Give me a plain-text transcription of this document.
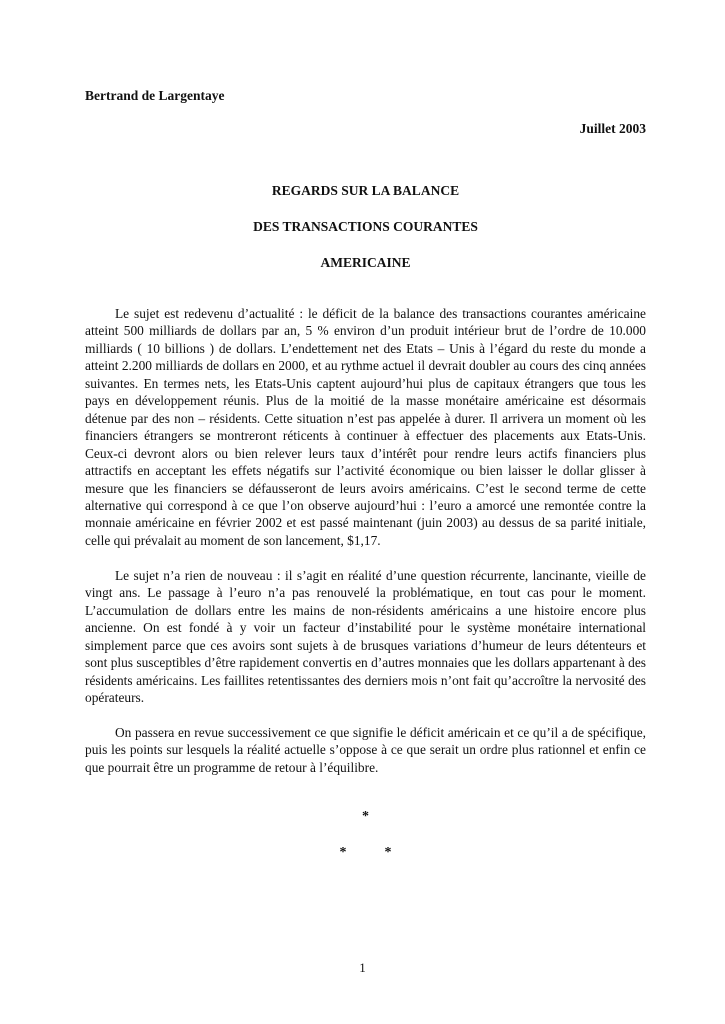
Bertrand de Largentaye
Juillet 2003
REGARDS SUR LA BALANCE
DES TRANSACTIONS COURANTES
AMERICAINE

Le sujet est redevenu d’actualité : le déficit de la balance des transactions courantes américaine atteint 500 milliards de dollars par an, 5 % environ d’un produit intérieur brut de l’ordre de 10.000 milliards ( 10 billions ) de dollars. L’endettement net des Etats – Unis à l’égard du reste du monde a atteint 2.200 milliards de dollars en 2000, et au rythme actuel il devrait doubler au cours des cinq années suivantes. En termes nets, les Etats-Unis captent aujourd’hui plus de capitaux étrangers que tous les pays en développement réunis. Plus de la moitié de la masse monétaire américaine est désormais détenue par des non – résidents. Cette situation n’est pas appelée à durer. Il arrivera un moment où les financiers étrangers se montreront réticents à continuer à effectuer des placements aux Etats-Unis. Ceux-ci devront alors ou bien relever leurs taux d’intérêt pour rendre leurs actifs financiers plus attractifs en acceptant les effets négatifs sur l’activité économique ou bien laisser le dollar glisser à mesure que les financiers se défausseront de leurs avoirs américains. C’est le second terme de cette alternative qui correspond à ce que l’on observe aujourd’hui : l’euro a amorcé une remontée contre la monnaie américaine en février 2002 et est passé maintenant (juin 2003) au dessus de sa parité initiale, celle qui prévalait au moment de son lancement, $1,17.

Le sujet n’a rien de nouveau : il s’agit en réalité d’une question récurrente, lancinante, vieille de vingt ans. Le passage à l’euro n’a pas renouvelé la problématique, en tout cas pour le moment. L’accumulation de dollars entre les mains de non-résidents américains a une histoire encore plus ancienne. On est fondé à y voir un facteur d’instabilité pour le système monétaire international simplement parce que ces avoirs sont sujets à de brusques variations d’humeur de leurs détenteurs et sont plus susceptibles d’être rapidement convertis en d’autres monnaies que les dollars appartenant à des résidents américains. Les faillites retentissantes des derniers mois n’ont fait qu’accroître la nervosité des opérateurs.

On passera en revue successivement ce que signifie le déficit américain et ce qu’il a de spécifique, puis les points sur lesquels la réalité actuelle s’oppose à ce que serait un ordre plus rationnel et enfin ce que pourrait être un programme de retour à l’équilibre.

*
*	*
1
